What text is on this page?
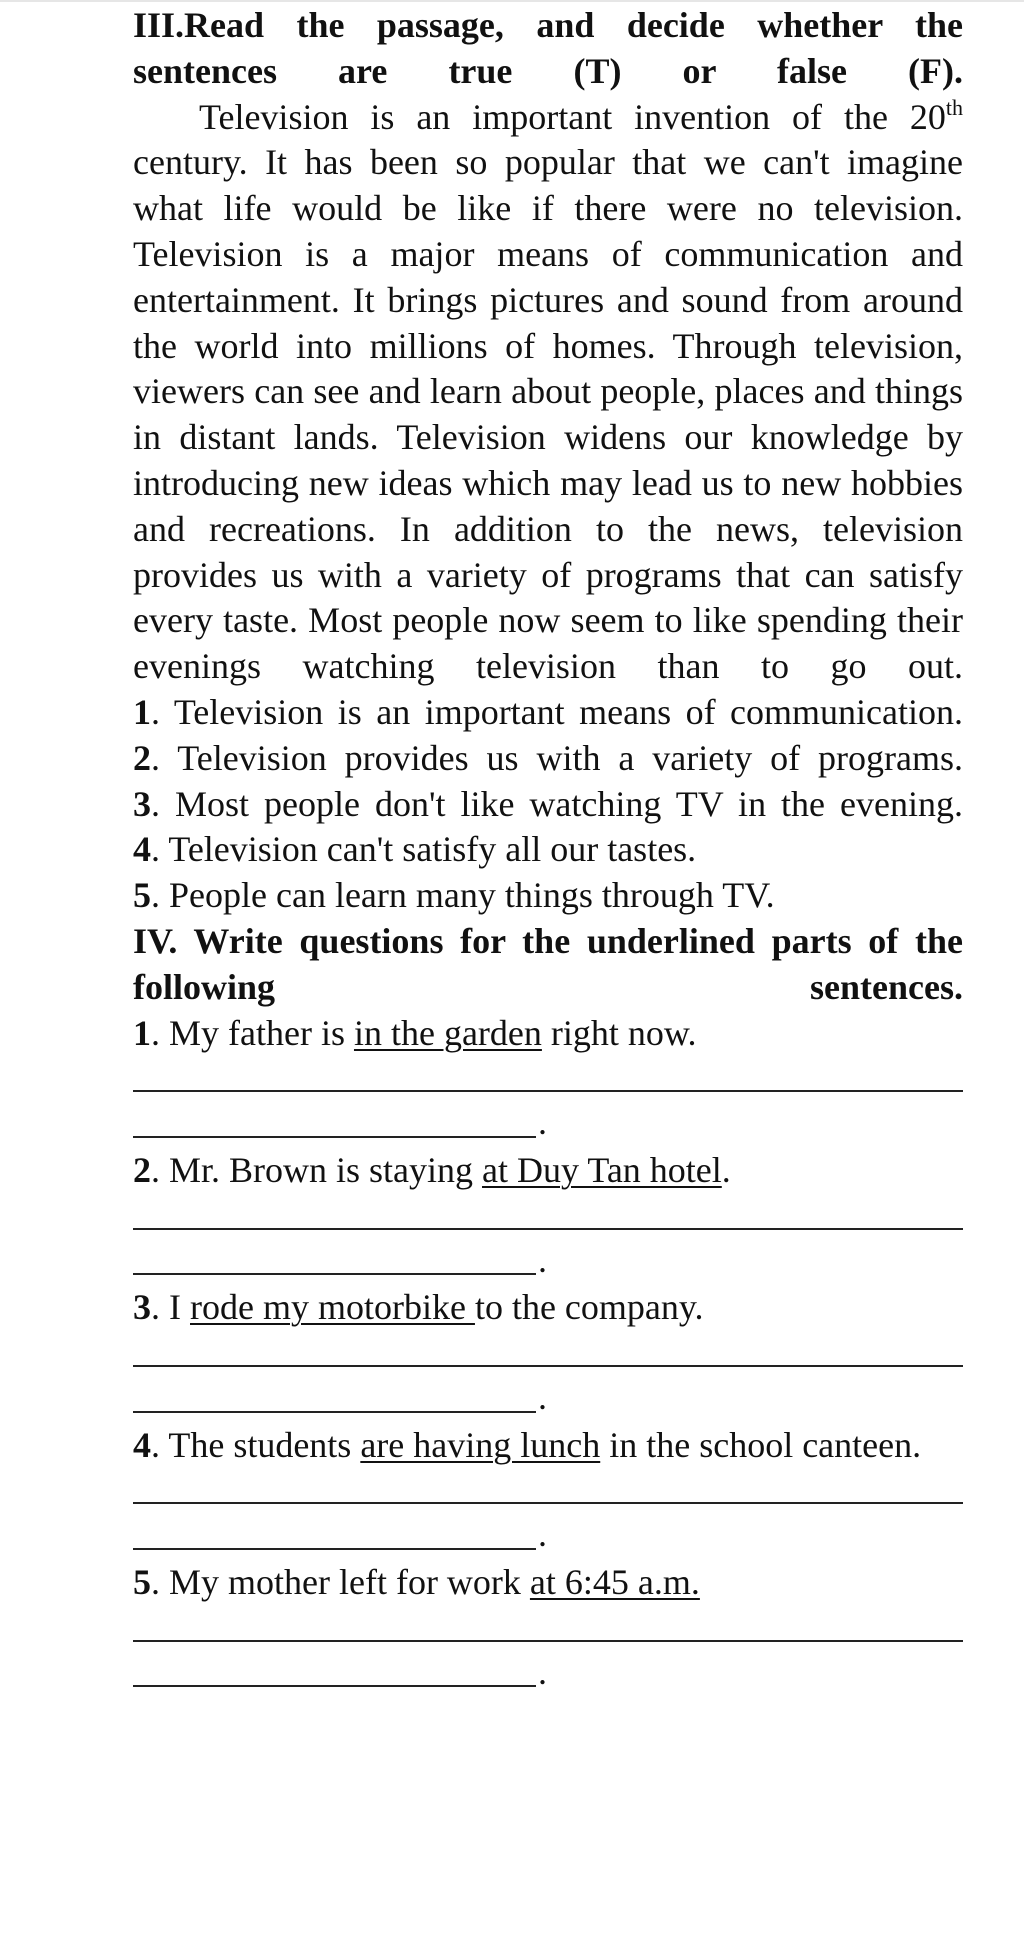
III.Read the passage, and decide whether the sentences are true (T) or false (F).

Television is an important invention of the 20th century. It has been so popular that we can't imagine what life would be like if there were no television. Television is a major means of communication and entertainment. It brings pictures and sound from around the world into millions of homes. Through television, viewers can see and learn about people, places and things in distant lands. Television widens our knowledge by introducing new ideas which may lead us to new hobbies and recreations. In addition to the news, television provides us with a variety of programs that can satisfy every taste. Most people now seem to like spending their evenings watching television than to go out.

1. Television is an important means of communication.

2. Television provides us with a variety of programs.

3. Most people don't like watching TV in the evening.

4. Television can't satisfy all our tastes.

5. People can learn many things through TV.

IV. Write questions for the underlined parts of the following sentences.

1. My father is in the garden right now.

.

2. Mr. Brown is staying at Duy Tan hotel.

.

3. I rode my motorbike to the company.

.

4. The students are having lunch in the school canteen.

.

5. My mother left for work at 6:45 a.m.

.
